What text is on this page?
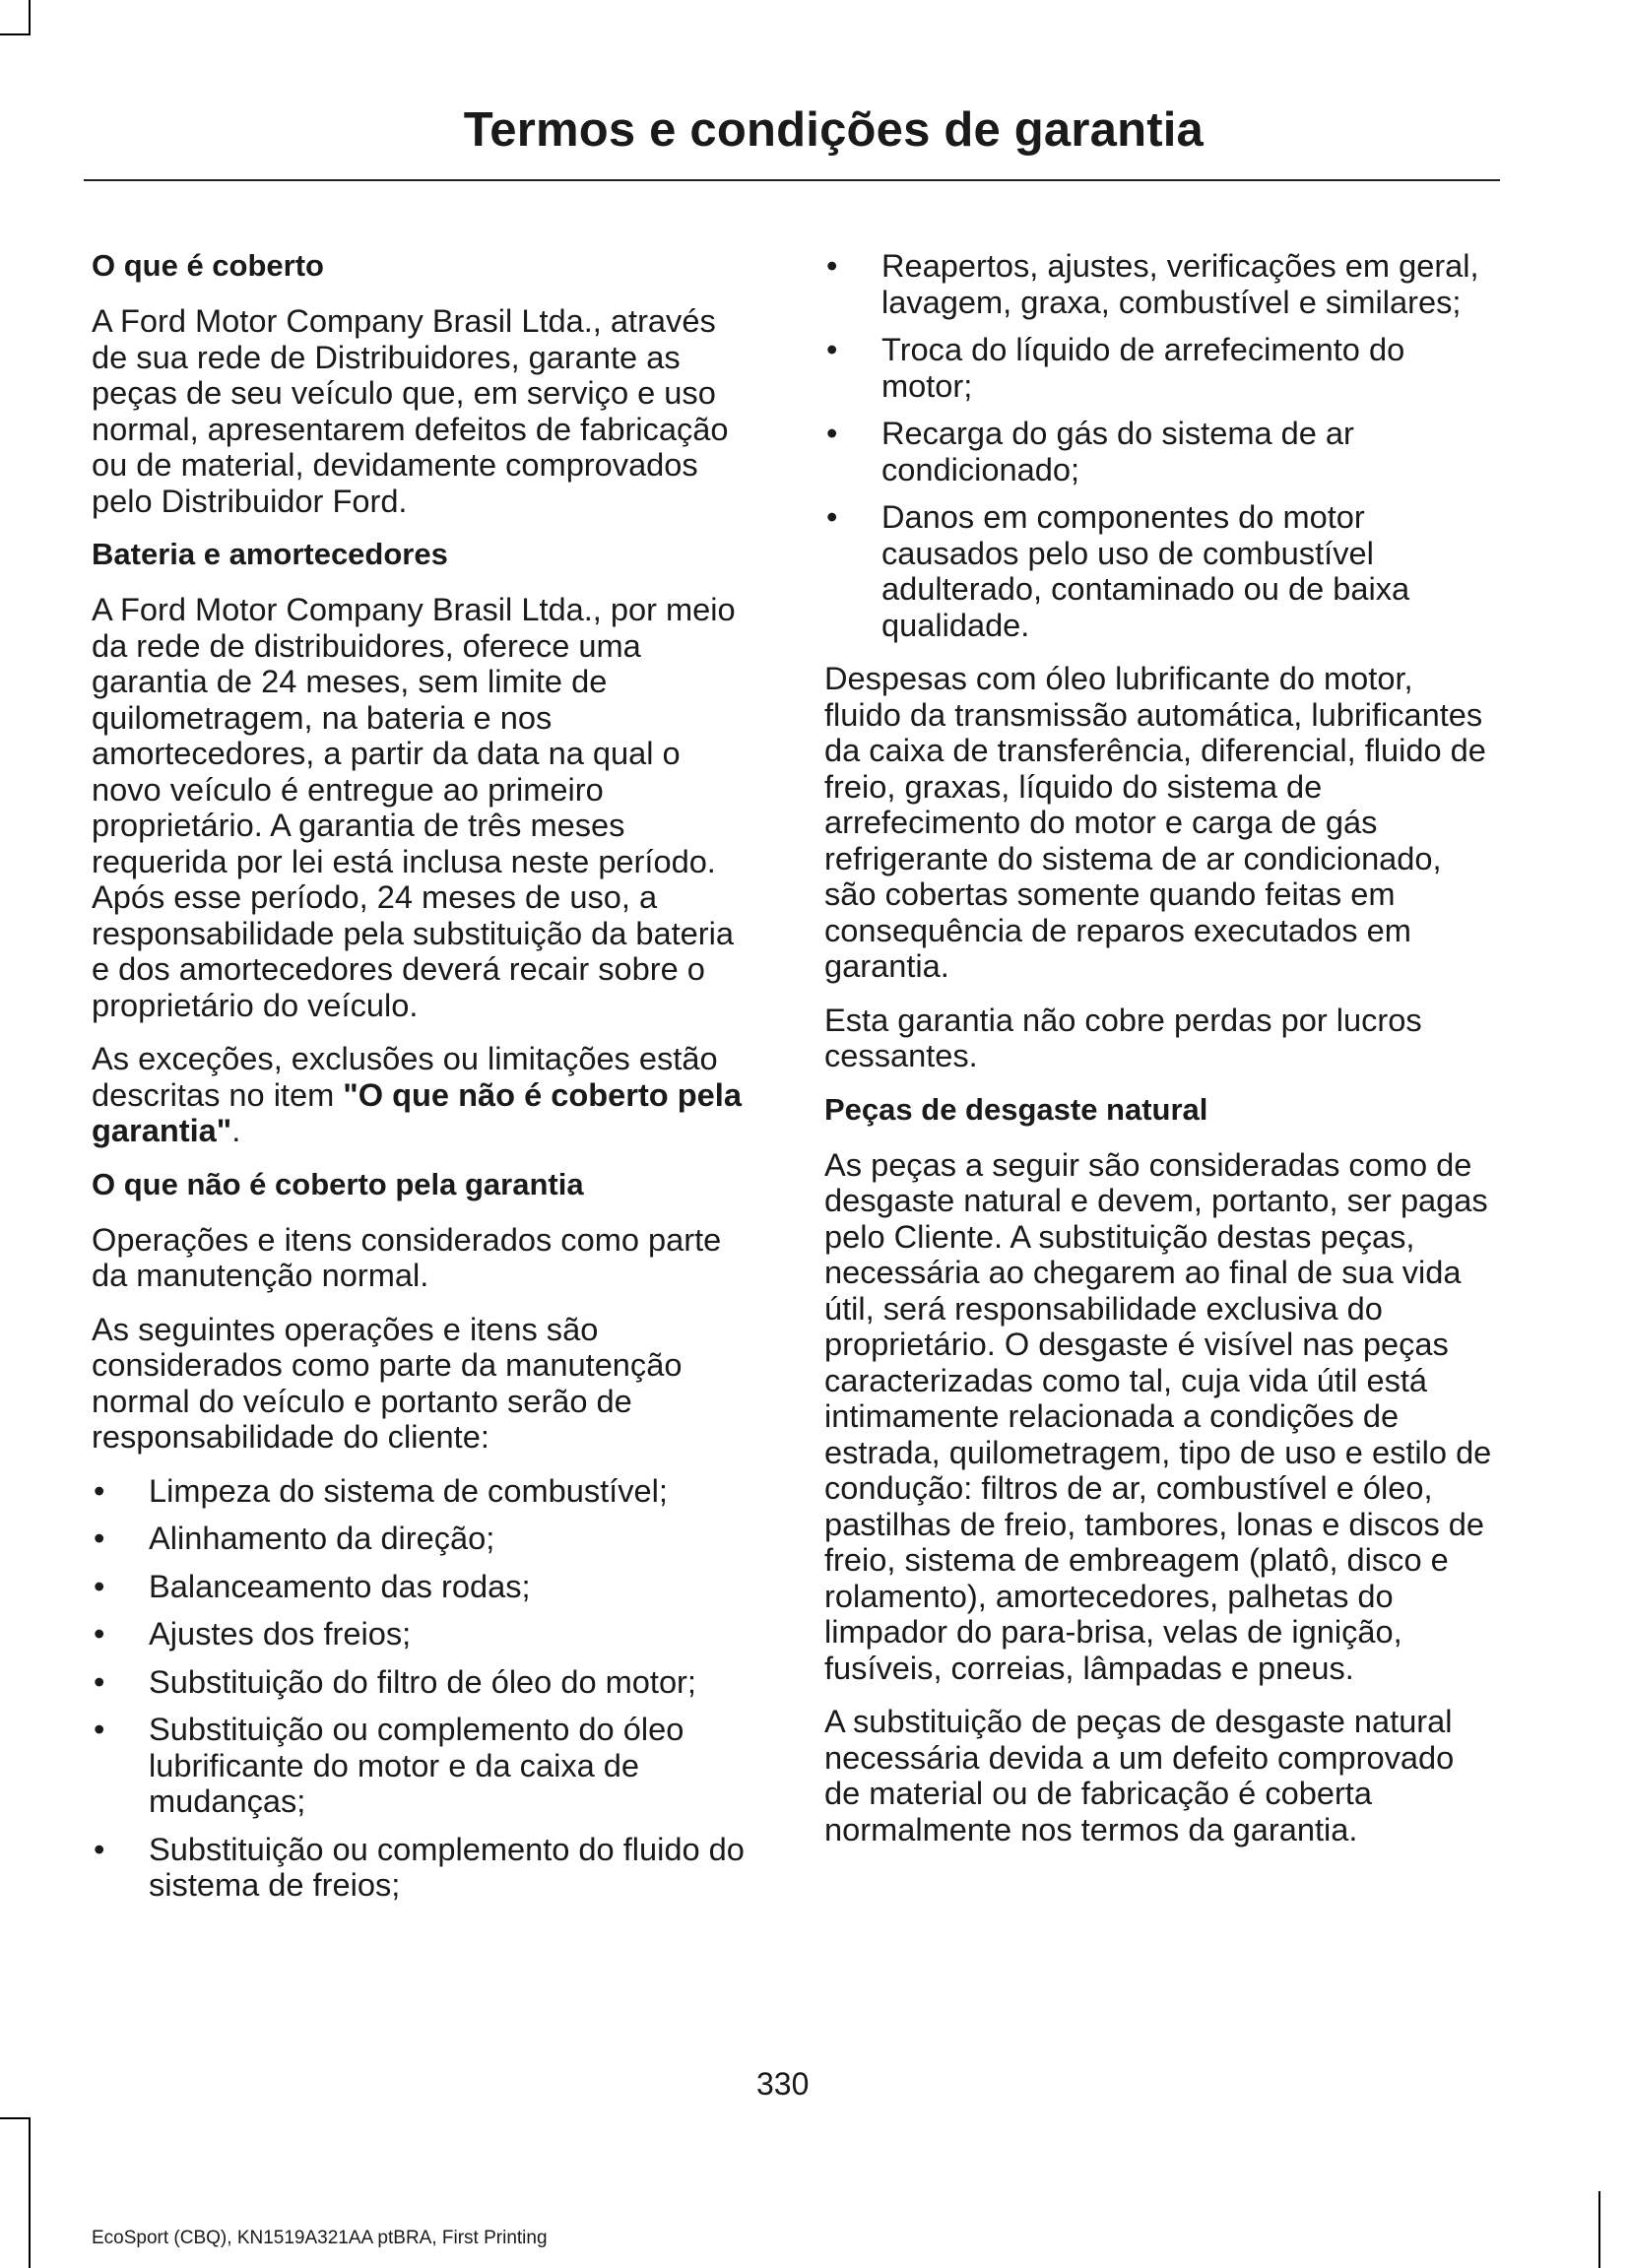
Termos e condições de garantia
O que é coberto

A Ford Motor Company Brasil Ltda., através de sua rede de Distribuidores, garante as peças de seu veículo que, em serviço e uso normal, apresentarem defeitos de fabricação ou de material, devidamente comprovados pelo Distribuidor Ford.

Bateria e amortecedores

A Ford Motor Company Brasil Ltda., por meio da rede de distribuidores, oferece uma garantia de 24 meses, sem limite de quilometragem, na bateria e nos amortecedores, a partir da data na qual o novo veículo é entregue ao primeiro proprietário. A garantia de três meses requerida por lei está inclusa neste período. Após esse período, 24 meses de uso, a responsabilidade pela substituição da bateria e dos amortecedores deverá recair sobre o proprietário do veículo.

As exceções, exclusões ou limitações estão descritas no item "O que não é coberto pela garantia".

O que não é coberto pela garantia

Operações e itens considerados como parte da manutenção normal.

As seguintes operações e itens são considerados como parte da manutenção normal do veículo e portanto serão de responsabilidade do cliente:

• Limpeza do sistema de combustível;
• Alinhamento da direção;
• Balanceamento das rodas;
• Ajustes dos freios;
• Substituição do filtro de óleo do motor;
• Substituição ou complemento do óleo lubrificante do motor e da caixa de mudanças;
• Substituição ou complemento do fluido do sistema de freios;
• Reapertos, ajustes, verificações em geral, lavagem, graxa, combustível e similares;
• Troca do líquido de arrefecimento do motor;
• Recarga do gás do sistema de ar condicionado;
• Danos em componentes do motor causados pelo uso de combustível adulterado, contaminado ou de baixa qualidade.

Despesas com óleo lubrificante do motor, fluido da transmissão automática, lubrificantes da caixa de transferência, diferencial, fluido de freio, graxas, líquido do sistema de arrefecimento do motor e carga de gás refrigerante do sistema de ar condicionado, são cobertas somente quando feitas em consequência de reparos executados em garantia.

Esta garantia não cobre perdas por lucros cessantes.

Peças de desgaste natural

As peças a seguir são consideradas como de desgaste natural e devem, portanto, ser pagas pelo Cliente. A substituição destas peças, necessária ao chegarem ao final de sua vida útil, será responsabilidade exclusiva do proprietário. O desgaste é visível nas peças caracterizadas como tal, cuja vida útil está intimamente relacionada a condições de estrada, quilometragem, tipo de uso e estilo de condução: filtros de ar, combustível e óleo, pastilhas de freio, tambores, lonas e discos de freio, sistema de embreagem (platô, disco e rolamento), amortecedores, palhetas do limpador do para-brisa, velas de ignição, fusíveis, correias, lâmpadas e pneus.

A substituição de peças de desgaste natural necessária devida a um defeito comprovado de material ou de fabricação é coberta normalmente nos termos da garantia.

330

EcoSport (CBQ), KN1519A321AA ptBRA, First Printing
